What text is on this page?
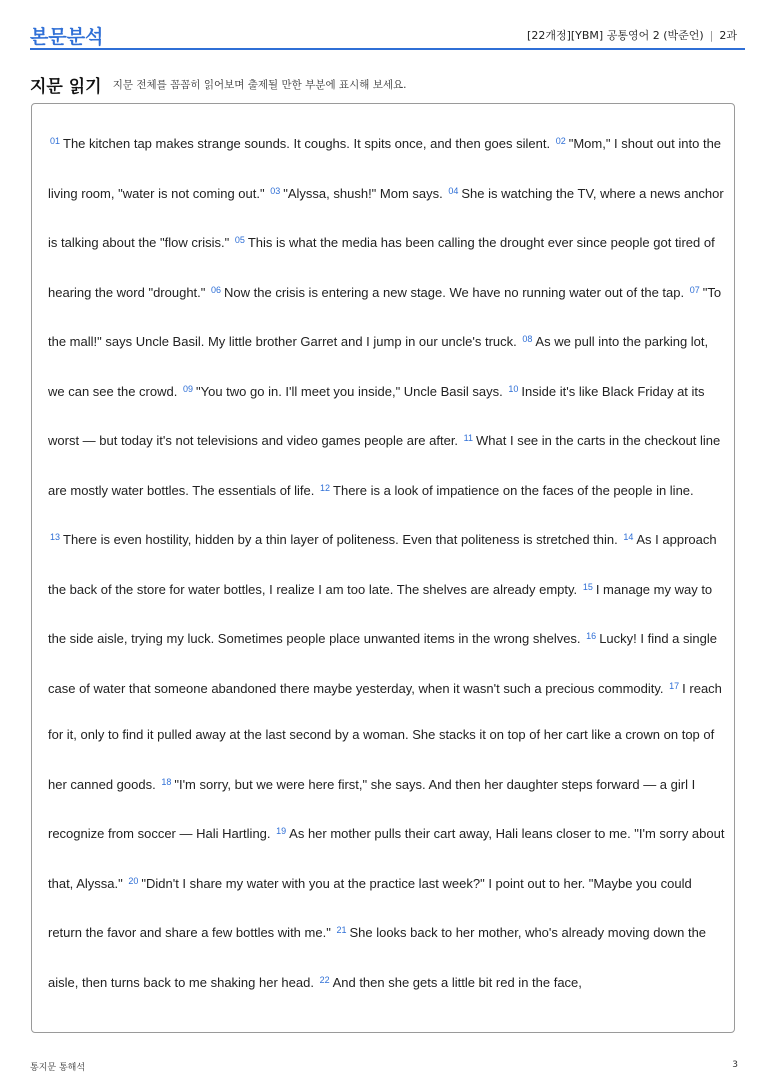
본문분석	[22개정][YBM] 공통영어 2 (박준언) | 2과
지문 읽기 지문 전체를 꼼꼼히 읽어보며 출제될 만한 부분에 표시해 보세요.
$^{01}$ The kitchen tap makes strange sounds. It coughs. It spits once, and then goes silent. $^{02}$ "Mom," I shout out into the living room, "water is not coming out." $^{03}$ "Alyssa, shush!" Mom says. $^{04}$ She is watching the TV, where a news anchor is talking about the "flow crisis." $^{05}$ This is what the media has been calling the drought ever since people got tired of hearing the word "drought." $^{06}$ Now the crisis is entering a new stage. We have no running water out of the tap. $^{07}$ "To the mall!" says Uncle Basil. My little brother Garret and I jump in our uncle's truck. $^{08}$ As we pull into the parking lot, we can see the crowd. $^{09}$ "You two go in. I'll meet you inside," Uncle Basil says. $^{10}$ Inside it's like Black Friday at its worst — but today it's not televisions and video games people are after. $^{11}$ What I see in the carts in the checkout line are mostly water bottles. The essentials of life. $^{12}$ There is a look of impatience on the faces of the people in line. $^{13}$ There is even hostility, hidden by a thin layer of politeness. Even that politeness is stretched thin. $^{14}$ As I approach the back of the store for water bottles, I realize I am too late. The shelves are already empty. $^{15}$ I manage my way to the side aisle, trying my luck. Sometimes people place unwanted items in the wrong shelves. $^{16}$ Lucky! I find a single case of water that someone abandoned there maybe yesterday, when it wasn't such a precious commodity. $^{17}$ I reach for it, only to find it pulled away at the last second by a woman. She stacks it on top of her cart like a crown on top of her canned goods. $^{18}$ "I'm sorry, but we were here first," she says. And then her daughter steps forward — a girl I recognize from soccer — Hali Hartling. $^{19}$ As her mother pulls their cart away, Hali leans closer to me. "I'm sorry about that, Alyssa." $^{20}$ "Didn't I share my water with you at the practice last week?" I point out to her. "Maybe you could return the favor and share a few bottles with me." $^{21}$ She looks back to her mother, who's already moving down the aisle, then turns back to me shaking her head. $^{22}$ And then she gets a little bit red in the face,
통지문 통해석	3
